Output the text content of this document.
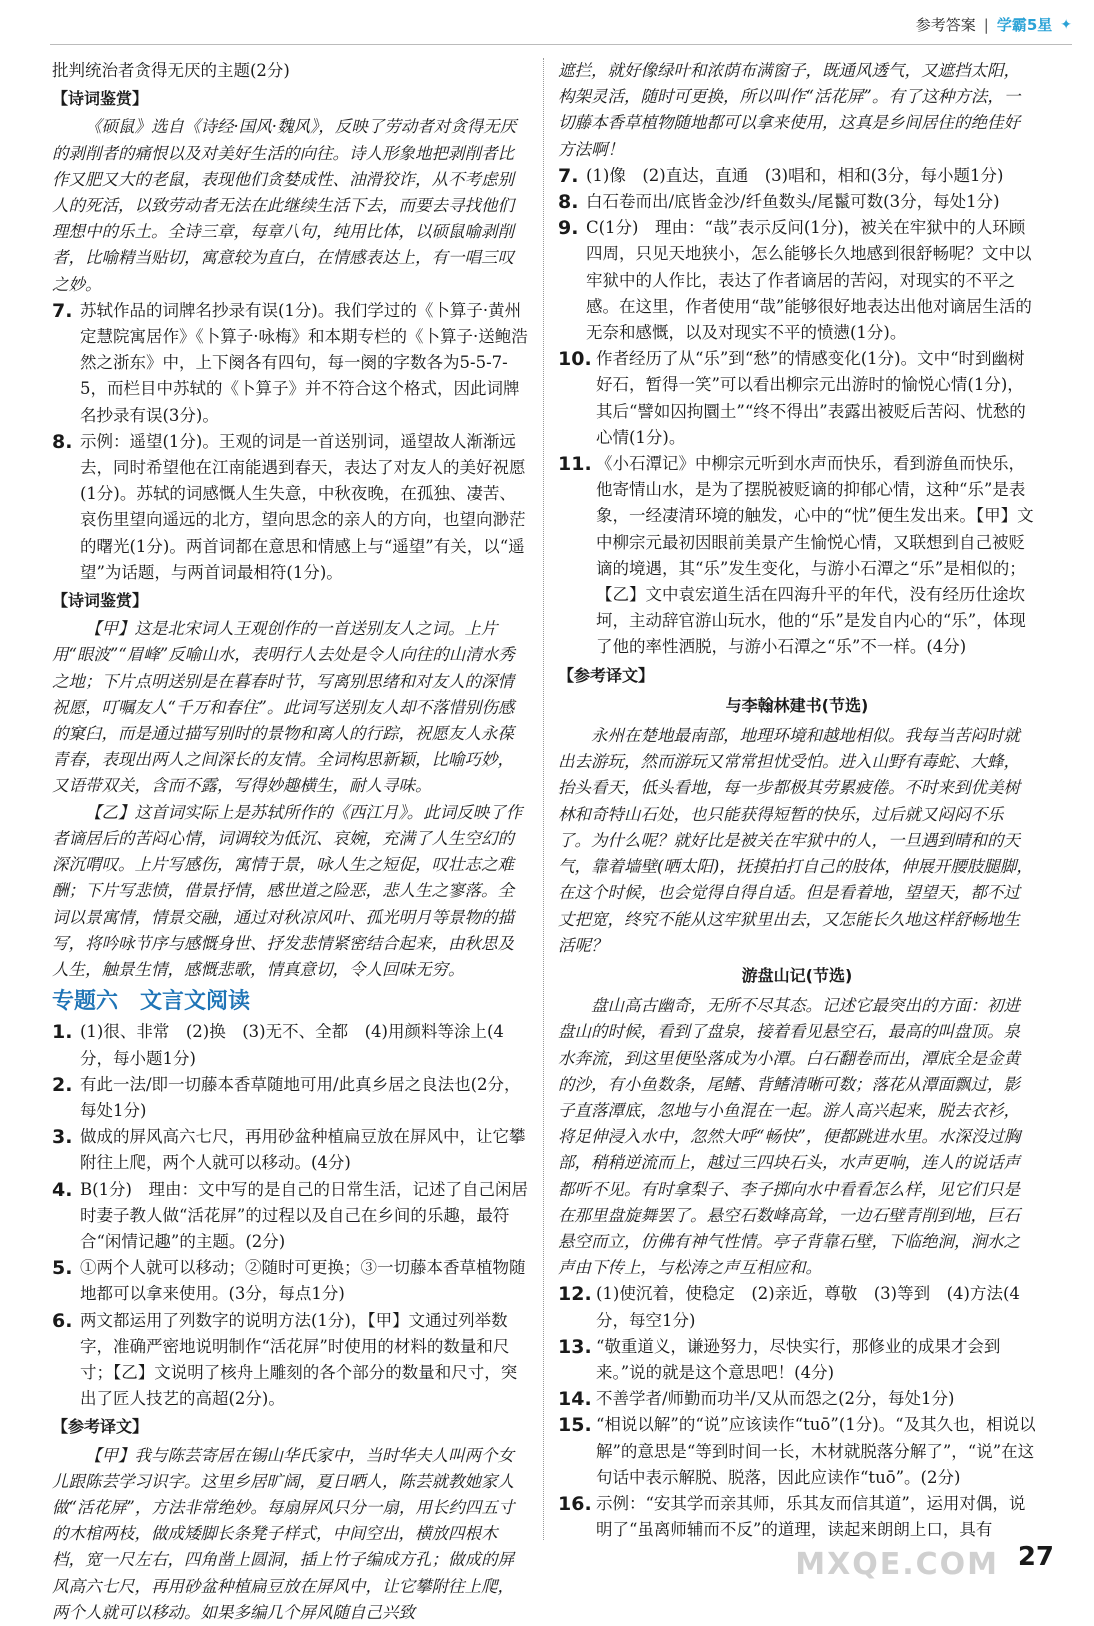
参考答案 | 学霸5星 ✦

批判统治者贪得无厌的主题(2分)

【诗词鉴赏】

《硕鼠》选自《诗经·国风·魏风》，反映了劳动者对贪得无厌的剥削者的痛恨以及对美好生活的向往。诗人形象地把剥削者比作又肥又大的老鼠，表现他们贪婪成性、油滑狡诈，从不考虑别人的死活，以致劳动者无法在此继续生活下去，而要去寻找他们理想中的乐土。全诗三章，每章八句，纯用比体，以硕鼠喻剥削者，比喻精当贴切，寓意较为直白，在情感表达上，有一唱三叹之妙。

7. 苏轼作品的词牌名抄录有误(1分)。我们学过的《卜算子·黄州定慧院寓居作》《卜算子·咏梅》和本期专栏的《卜算子·送鲍浩然之浙东》中，上下阕各有四句，每一阕的字数各为5-5-7-5，而栏目中苏轼的《卜算子》并不符合这个格式，因此词牌名抄录有误(3分)。
8. 示例：遥望(1分)。王观的词是一首送别词，遥望故人渐渐远去，同时希望他在江南能遇到春天，表达了对友人的美好祝愿(1分)。苏轼的词感慨人生失意，中秋夜晚，在孤独、凄苦、哀伤里望向遥远的北方，望向思念的亲人的方向，也望向渺茫的曙光(1分)。两首词都在意思和情感上与“遥望”有关，以“遥望”为话题，与两首词最相符(1分)。
【诗词鉴赏】

【甲】这是北宋词人王观创作的一首送别友人之词。上片用“眼波”“眉峰”反喻山水，表明行人去处是令人向往的山清水秀之地；下片点明送别是在暮春时节，写离别思绪和对友人的深情祝愿，叮嘱友人“千万和春住”。此词写送别友人却不落惜别伤感的窠臼，而是通过描写别时的景物和离人的行踪，祝愿友人永葆青春，表现出两人之间深长的友情。全词构思新颖，比喻巧妙，又语带双关，含而不露，写得妙趣横生，耐人寻味。

【乙】这首词实际上是苏轼所作的《西江月》。此词反映了作者谪居后的苦闷心情，词调较为低沉、哀婉，充满了人生空幻的深沉喟叹。上片写感伤，寓情于景，咏人生之短促，叹壮志之难酬；下片写悲愤，借景抒情，感世道之险恶，悲人生之寥落。全词以景寓情，情景交融，通过对秋凉风叶、孤光明月等景物的描写，将吟咏节序与感慨身世、抒发悲情紧密结合起来，由秋思及人生，触景生情，感慨悲歌，情真意切，令人回味无穷。

专题六 文言文阅读
1. (1)很、非常　(2)换　(3)无不、全都　(4)用颜料等涂上(4分，每小题1分)
2. 有此一法/即一切藤本香草随地可用/此真乡居之良法也(2分，每处1分)
3. 做成的屏风高六七尺，再用砂盆种植扁豆放在屏风中，让它攀附往上爬，两个人就可以移动。(4分)
4. B(1分)　理由：文中写的是自己的日常生活，记述了自己闲居时妻子教人做“活花屏”的过程以及自己在乡间的乐趣，最符合“闲情记趣”的主题。(2分)
5. ①两个人就可以移动；②随时可更换；③一切藤本香草植物随地都可以拿来使用。(3分，每点1分)
6. 两文都运用了列数字的说明方法(1分)，【甲】文通过列举数字，准确严密地说明制作“活花屏”时使用的材料的数量和尺寸；【乙】文说明了核舟上雕刻的各个部分的数量和尺寸，突出了匠人技艺的高超(2分)。
【参考译文】

【甲】我与陈芸寄居在锡山华氏家中，当时华夫人叫两个女儿跟陈芸学习识字。这里乡居旷阔，夏日晒人，陈芸就教她家人做“活花屏”，方法非常绝妙。每扇屏风只分一扇，用长约四五寸的木棺两枝，做成矮脚长条凳子样式，中间空出，横放四根木档，宽一尺左右，四角凿上圆洞，插上竹子编成方孔；做成的屏风高六七尺，再用砂盆种植扁豆放在屏风中，让它攀附往上爬，两个人就可以移动。如果多编几个屏风随自己兴致

遮拦，就好像绿叶和浓荫布满窗子，既通风透气，又遮挡太阳，构架灵活，随时可更换，所以叫作“活花屏”。有了这种方法，一切藤本香草植物随地都可以拿来使用，这真是乡间居住的绝佳好方法啊！

7. (1)像　(2)直达，直通　(3)唱和，相和(3分，每小题1分)
8. 白石卷而出/底皆金沙/纤鱼数头/尾鬣可数(3分，每处1分)
9. C(1分)　理由：“哉”表示反问(1分)，被关在牢狱中的人环顾四周，只见天地狭小，怎么能够长久地感到很舒畅呢？文中以牢狱中的人作比，表达了作者谪居的苦闷，对现实的不平之感。在这里，作者使用“哉”能够很好地表达出他对谪居生活的无奈和感慨，以及对现实不平的愤懑(1分)。
10. 作者经历了从“乐”到“愁”的情感变化(1分)。文中“时到幽树好石，暂得一笑”可以看出柳宗元出游时的愉悦心情(1分)，其后“譬如囚拘圜土”“终不得出”表露出被贬后苦闷、忧愁的心情(1分)。
11. 《小石潭记》中柳宗元听到水声而快乐，看到游鱼而快乐，他寄情山水，是为了摆脱被贬谪的抑郁心情，这种“乐”是表象，一经凄清环境的触发，心中的“忧”便生发出来。【甲】文中柳宗元最初因眼前美景产生愉悦心情，又联想到自己被贬谪的境遇，其“乐”发生变化，与游小石潭之“乐”是相似的；【乙】文中袁宏道生活在四海升平的年代，没有经历仕途坎坷，主动辞官游山玩水，他的“乐”是发自内心的“乐”，体现了他的率性洒脱，与游小石潭之“乐”不一样。(4分)
【参考译文】
与李翰林建书(节选)

永州在楚地最南部，地理环境和越地相似。我每当苦闷时就出去游玩，然而游玩又常常担忧受怕。进入山野有毒蛇、大蜂，抬头看天，低头看地，每一步都极其劳累疲倦。不时来到优美树林和奇特山石处，也只能获得短暂的快乐，过后就又闷闷不乐了。为什么呢？就好比是被关在牢狱中的人，一旦遇到晴和的天气，靠着墙壁(晒太阳)，抚摸拍打自己的肢体，伸展开腰肢腿脚，在这个时候，也会觉得自得自适。但是看着地，望望天，都不过丈把宽，终究不能从这牢狱里出去，又怎能长久地这样舒畅地生活呢？

游盘山记(节选)

盘山高古幽奇，无所不尽其态。记述它最突出的方面：初进盘山的时候，看到了盘泉，接着看见悬空石，最高的叫盘顶。泉水奔流，到这里便坠落成为小潭。白石翻卷而出，潭底全是金黄的沙，有小鱼数条，尾鳍、背鳍清晰可数；落花从潭面飘过，影子直落潭底，忽地与小鱼混在一起。游人高兴起来，脱去衣衫，将足伸浸入水中，忽然大呼“畅快”，便都跳进水里。水深没过胸部，稍稍逆流而上，越过三四块石头，水声更响，连人的说话声都听不见。有时拿梨子、李子掷向水中看看怎么样，见它们只是在那里盘旋舞罢了。悬空石数峰高耸，一边石壁青削到地，巨石悬空而立，仿佛有神气性情。亭子背靠石壁，下临绝涧，涧水之声由下传上，与松涛之声互相应和。

12. (1)使沉着，使稳定　(2)亲近，尊敬　(3)等到　(4)方法(4分，每空1分)
13. “敬重道义，谦逊努力，尽快实行，那修业的成果才会到来。”说的就是这个意思吧！(4分)
14. 不善学者/师勤而功半/又从而怨之(2分，每处1分)
15. “相说以解”的“说”应该读作“tuō”(1分)。“及其久也，相说以解”的意思是“等到时间一长，木材就脱落分解了”，“说”在这句话中表示解脱、脱落，因此应读作“tuō”。(2分)
16. 示例：“安其学而亲其师，乐其友而信其道”，运用对偶，说明了“虽离师辅而不反”的道理，读起来朗朗上口，具有
MXQE.COM 27
